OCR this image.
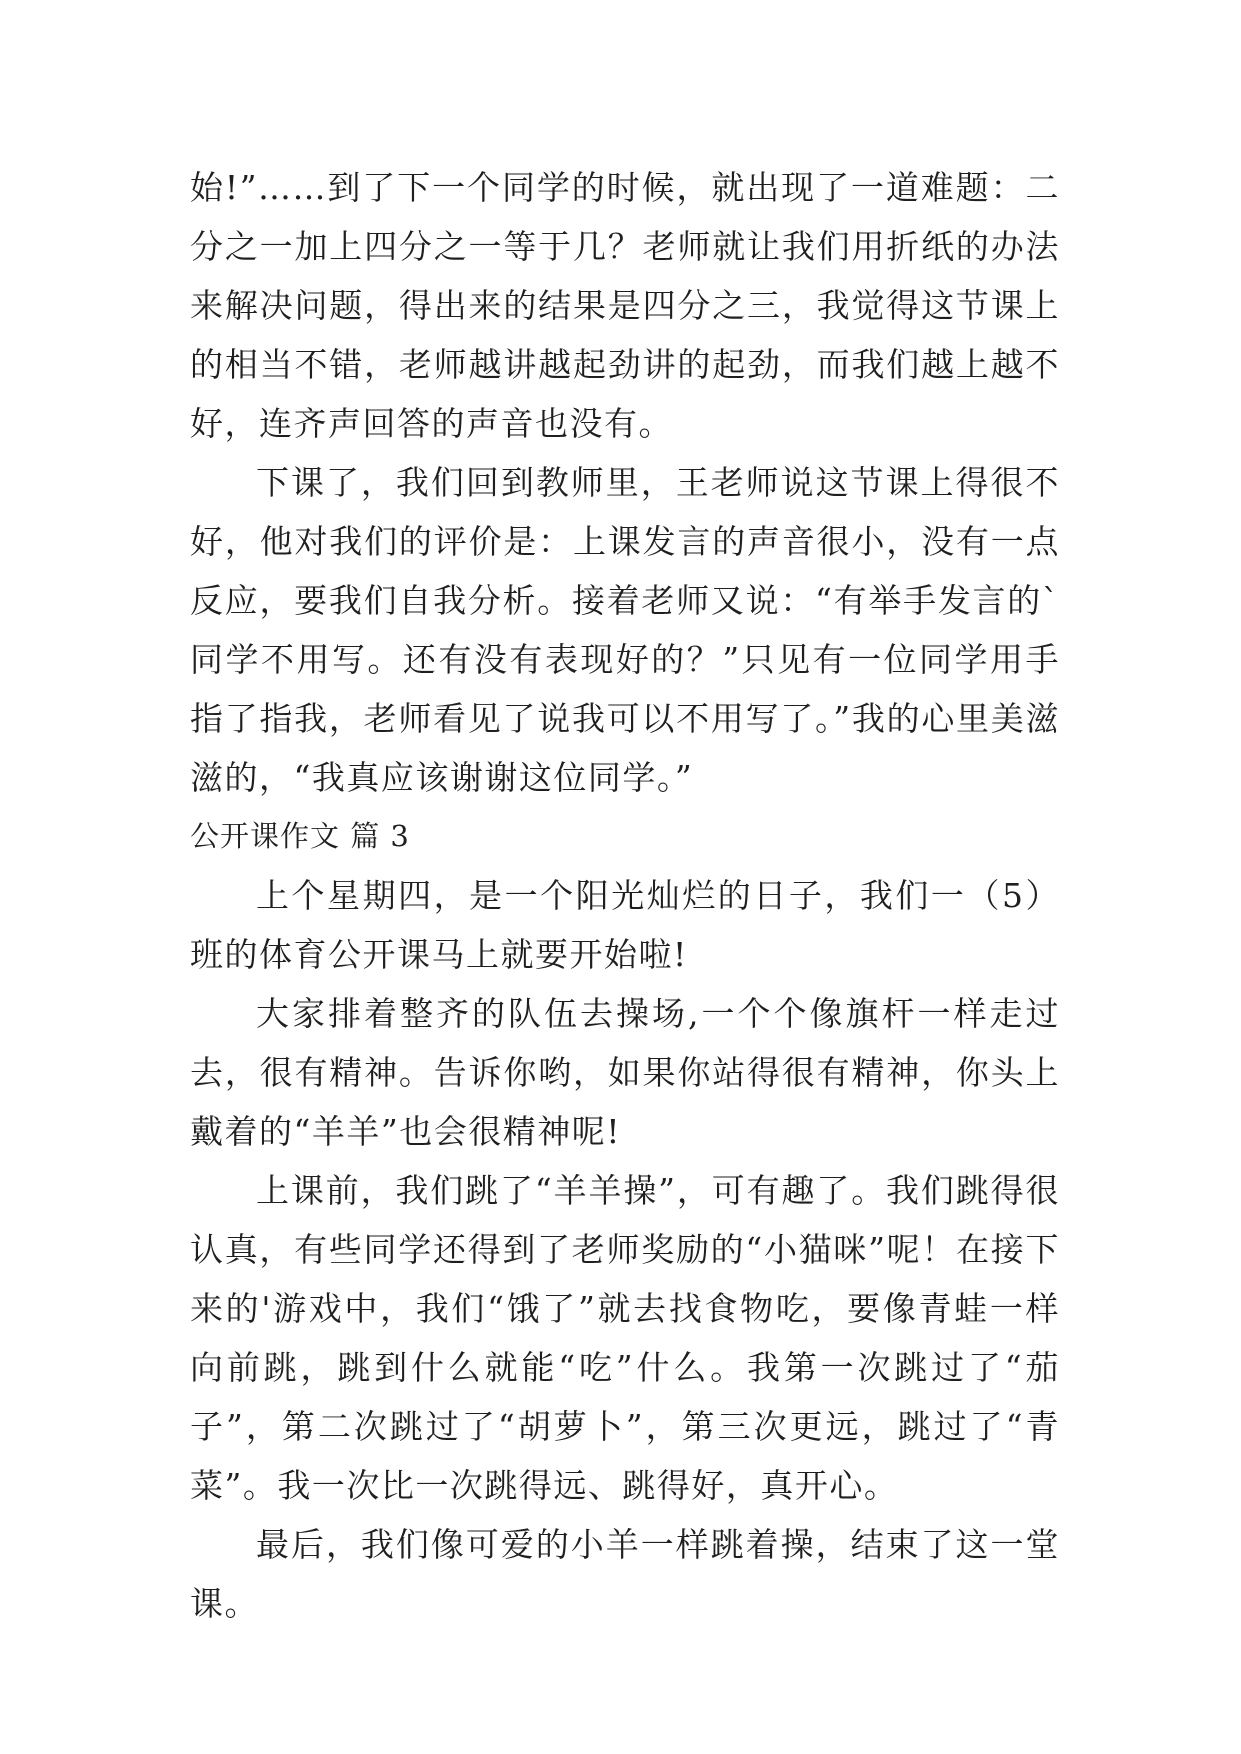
始!”……到了下一个同学的时候，就出现了一道难题：二分之一加上四分之一等于几？老师就让我们用折纸的办法来解决问题，得出来的结果是四分之三，我觉得这节课上的相当不错，老师越讲越起劲讲的起劲，而我们越上越不好，连齐声回答的声音也没有。

下课了，我们回到教师里，王老师说这节课上得很不好，他对我们的评价是：上课发言的声音很小，没有一点反应，要我们自我分析。接着老师又说：“有举手发言的`同学不用写。还有没有表现好的？”只见有一位同学用手指了指我，老师看见了说我可以不用写了。”我的心里美滋滋的，“我真应该谢谢这位同学。”

公开课作文 篇 3

上个星期四，是一个阳光灿烂的日子，我们一（5）班的体育公开课马上就要开始啦!

大家排着整齐的队伍去操场,一个个像旗杆一样走过去，很有精神。告诉你哟，如果你站得很有精神，你头上戴着的“羊羊”也会很精神呢!

上课前，我们跳了“羊羊操”，可有趣了。我们跳得很认真，有些同学还得到了老师奖励的“小猫咪”呢！在接下来的'游戏中，我们“饿了”就去找食物吃，要像青蛙一样向前跳，跳到什么就能“吃”什么。我第一次跳过了“茄子”，第二次跳过了“胡萝卜”，第三次更远，跳过了“青菜”。我一次比一次跳得远、跳得好，真开心。

最后，我们像可爱的小羊一样跳着操，结束了这一堂课。
